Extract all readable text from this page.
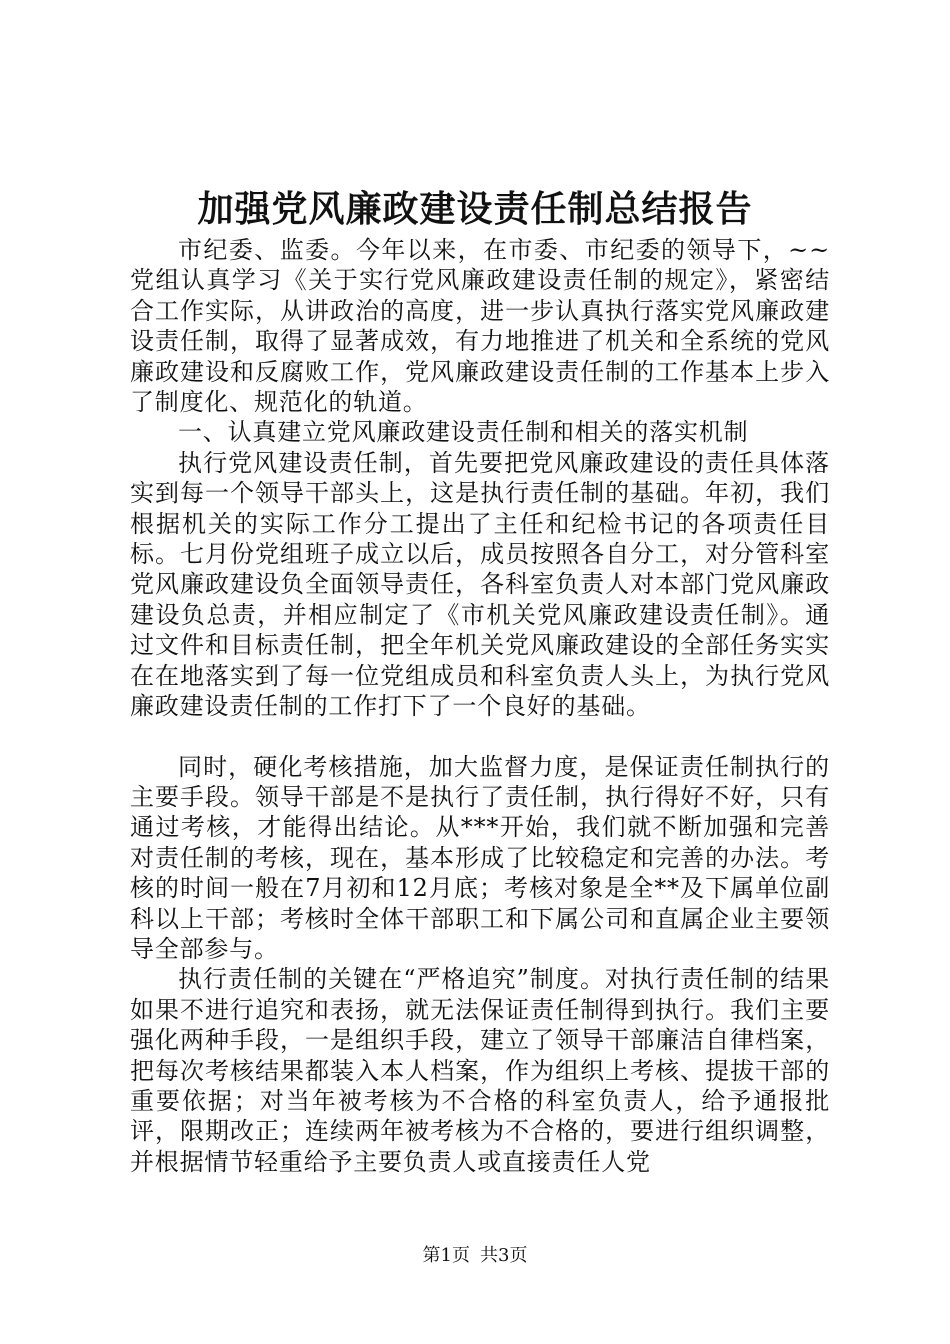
加强党风廉政建设责任制总结报告

市纪委、监委。今年以来，在市委、市纪委的领导下，~~党组认真学习《关于实行党风廉政建设责任制的规定》，紧密结合工作实际，从讲政治的高度，进一步认真执行落实党风廉政建设责任制，取得了显著成效，有力地推进了机关和全系统的党风廉政建设和反腐败工作，党风廉政建设责任制的工作基本上步入了制度化、规范化的轨道。

一、认真建立党风廉政建设责任制和相关的落实机制

执行党风建设责任制，首先要把党风廉政建设的责任具体落实到每一个领导干部头上，这是执行责任制的基础。年初，我们根据机关的实际工作分工提出了主任和纪检书记的各项责任目标。七月份党组班子成立以后，成员按照各自分工，对分管科室党风廉政建设负全面领导责任，各科室负责人对本部门党风廉政建设负总责，并相应制定了《市机关党风廉政建设责任制》。通过文件和目标责任制，把全年机关党风廉政建设的全部任务实实在在地落实到了每一位党组成员和科室负责人头上，为执行党风廉政建设责任制的工作打下了一个良好的基础。

同时，硬化考核措施，加大监督力度，是保证责任制执行的主要手段。领导干部是不是执行了责任制，执行得好不好，只有通过考核，才能得出结论。从***开始，我们就不断加强和完善对责任制的考核，现在，基本形成了比较稳定和完善的办法。考核的时间一般在7月初和12月底；考核对象是全**及下属单位副科以上干部；考核时全体干部职工和下属公司和直属企业主要领导全部参与。

执行责任制的关键在“严格追究”制度。对执行责任制的结果如果不进行追究和表扬，就无法保证责任制得到执行。我们主要强化两种手段，一是组织手段，建立了领导干部廉洁自律档案，把每次考核结果都装入本人档案，作为组织上考核、提拔干部的重要依据；对当年被考核为不合格的科室负责人，给予通报批评，限期改正；连续两年被考核为不合格的，要进行组织调整，并根据情节轻重给予主要负责人或直接责任人党

第1页 共3页
